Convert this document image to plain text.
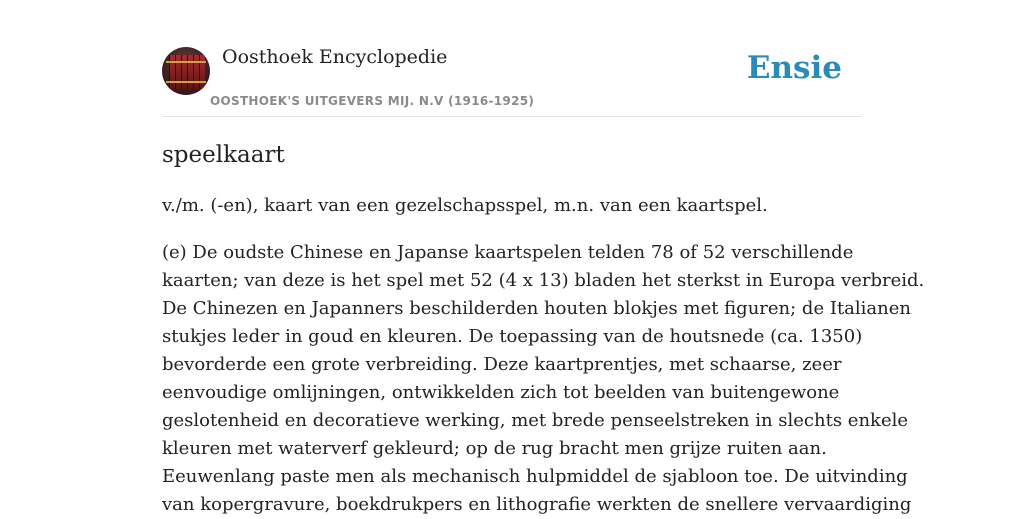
Oosthoek Encyclopedie
OOSTHOEK'S UITGEVERS MIJ. N.V (1916-1925)
Ensie
speelkaart

v./m. (-en), kaart van een gezelschapsspel, m.n. van een kaartspel.

(e) De oudste Chinese en Japanse kaartspelen telden 78 of 52 verschillende
kaarten; van deze is het spel met 52 (4 x 13) bladen het sterkst in Europa verbreid.
De Chinezen en Japanners beschilderden houten blokjes met figuren; de Italianen
stukjes leder in goud en kleuren. De toepassing van de houtsnede (ca. 1350)
bevorderde een grote verbreiding. Deze kaartprentjes, met schaarse, zeer
eenvoudige omlijningen, ontwikkelden zich tot beelden van buitengewone
geslotenheid en decoratieve werking, met brede penseelstreken in slechts enkele
kleuren met waterverf gekleurd; op de rug bracht men grijze ruiten aan.
Eeuwenlang paste men als mechanisch hulpmiddel de sjabloon toe. De uitvinding
van kopergravure, boekdrukpers en lithografie werkten de snellere vervaardiging
